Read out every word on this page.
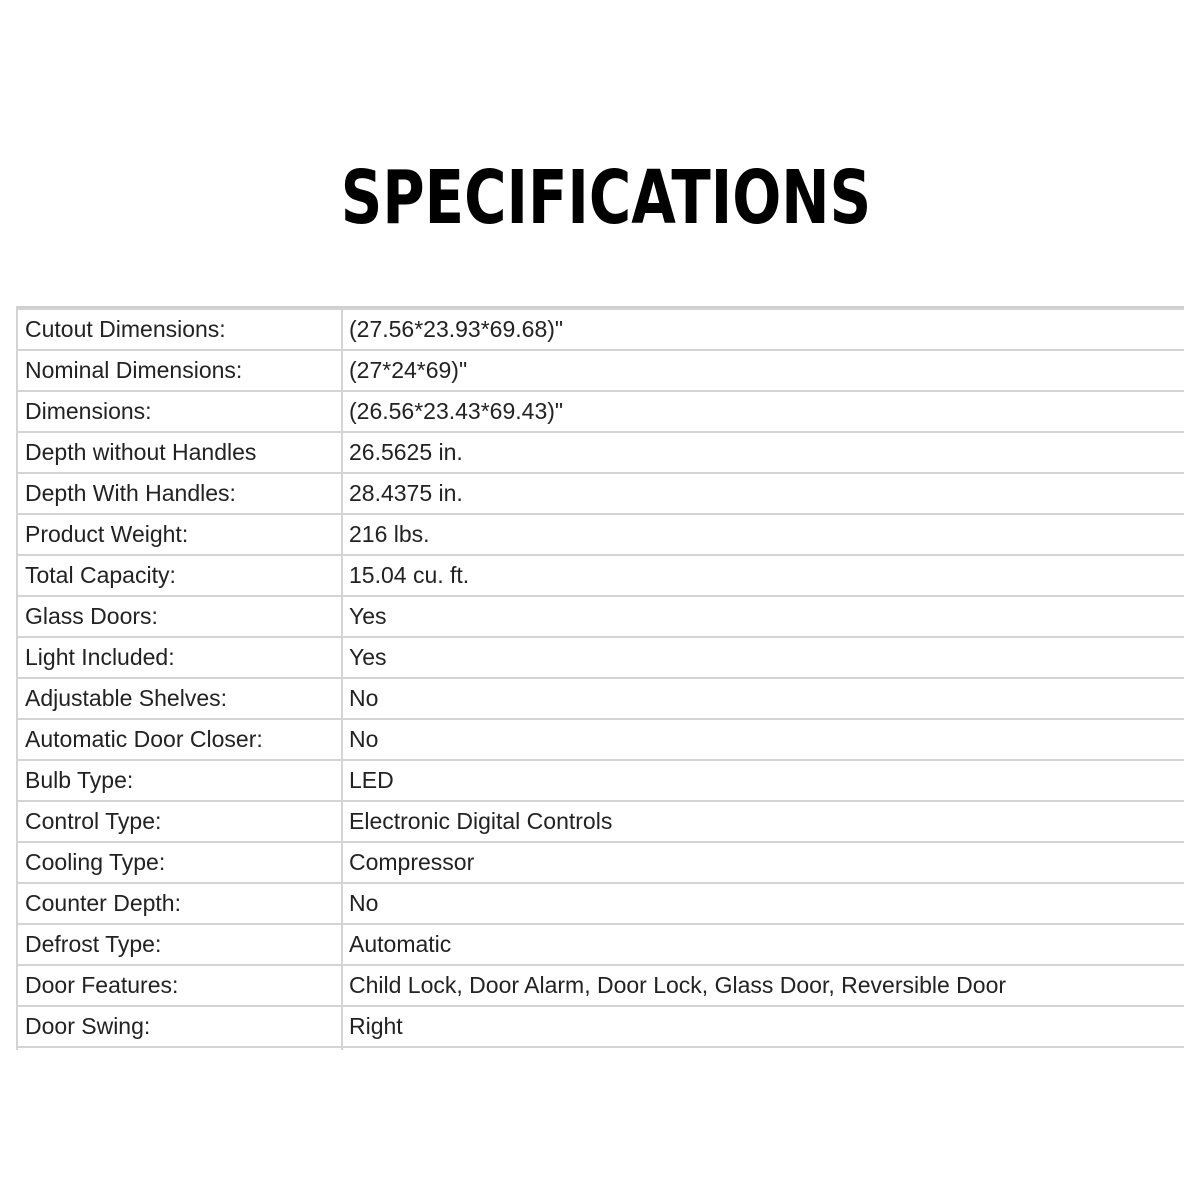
SPECIFICATIONS
Cutout Dimensions:	(27.56*23.93*69.68)"
Nominal Dimensions:	(27*24*69)"
Dimensions:	(26.56*23.43*69.43)"
Depth without Handles	26.5625 in.
Depth With Handles:	28.4375 in.
Product Weight:	216 lbs.
Total Capacity:	15.04 cu. ft.
Glass Doors:	Yes
Light Included:	Yes
Adjustable Shelves:	No
Automatic Door Closer:	No
Bulb Type:	LED
Control Type:	Electronic Digital Controls
Cooling Type:	Compressor
Counter Depth:	No
Defrost Type:	Automatic
Door Features:	Child Lock, Door Alarm, Door Lock, Glass Door, Reversible Door
Door Swing:	Right
